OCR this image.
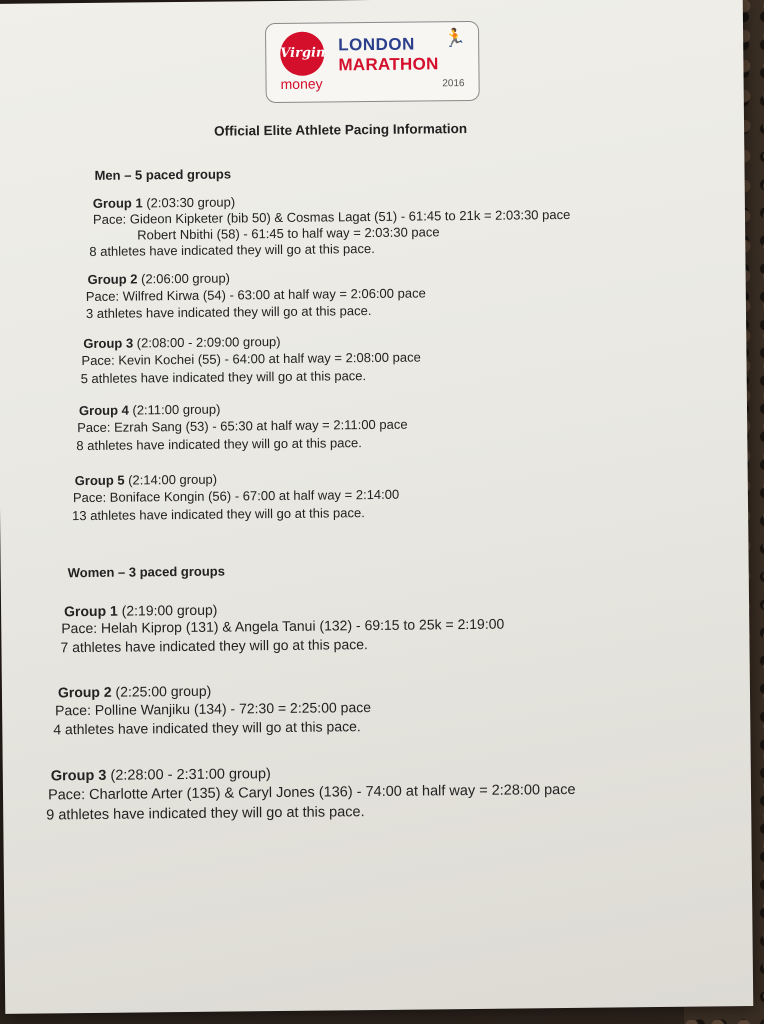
Virgin
money
LONDON
MARATHON
🏃
2016
Official Elite Athlete Pacing Information
Men – 5 paced groups
Group 1 (2:03:30 group)
Pace: Gideon Kipketer (bib 50) & Cosmas Lagat (51) - 61:45 to 21k = 2:03:30 pace
Robert Nbithi (58) - 61:45 to half way = 2:03:30 pace
8 athletes have indicated they will go at this pace.
Group 2 (2:06:00 group)
Pace: Wilfred Kirwa (54) - 63:00 at half way = 2:06:00 pace
3 athletes have indicated they will go at this pace.
Group 3 (2:08:00 - 2:09:00 group)
Pace: Kevin Kochei (55) - 64:00 at half way = 2:08:00 pace
5 athletes have indicated they will go at this pace.
Group 4 (2:11:00 group)
Pace: Ezrah Sang (53) - 65:30 at half way = 2:11:00 pace
8 athletes have indicated they will go at this pace.
Group 5 (2:14:00 group)
Pace: Boniface Kongin (56) - 67:00 at half way = 2:14:00
13 athletes have indicated they will go at this pace.
Women – 3 paced groups
Group 1 (2:19:00 group)
Pace: Helah Kiprop (131) & Angela Tanui (132) - 69:15 to 25k = 2:19:00
7 athletes have indicated they will go at this pace.
Group 2 (2:25:00 group)
Pace: Polline Wanjiku (134) - 72:30 = 2:25:00 pace
4 athletes have indicated they will go at this pace.
Group 3 (2:28:00 - 2:31:00 group)
Pace: Charlotte Arter (135) & Caryl Jones (136) - 74:00 at half way = 2:28:00 pace
9 athletes have indicated they will go at this pace.
